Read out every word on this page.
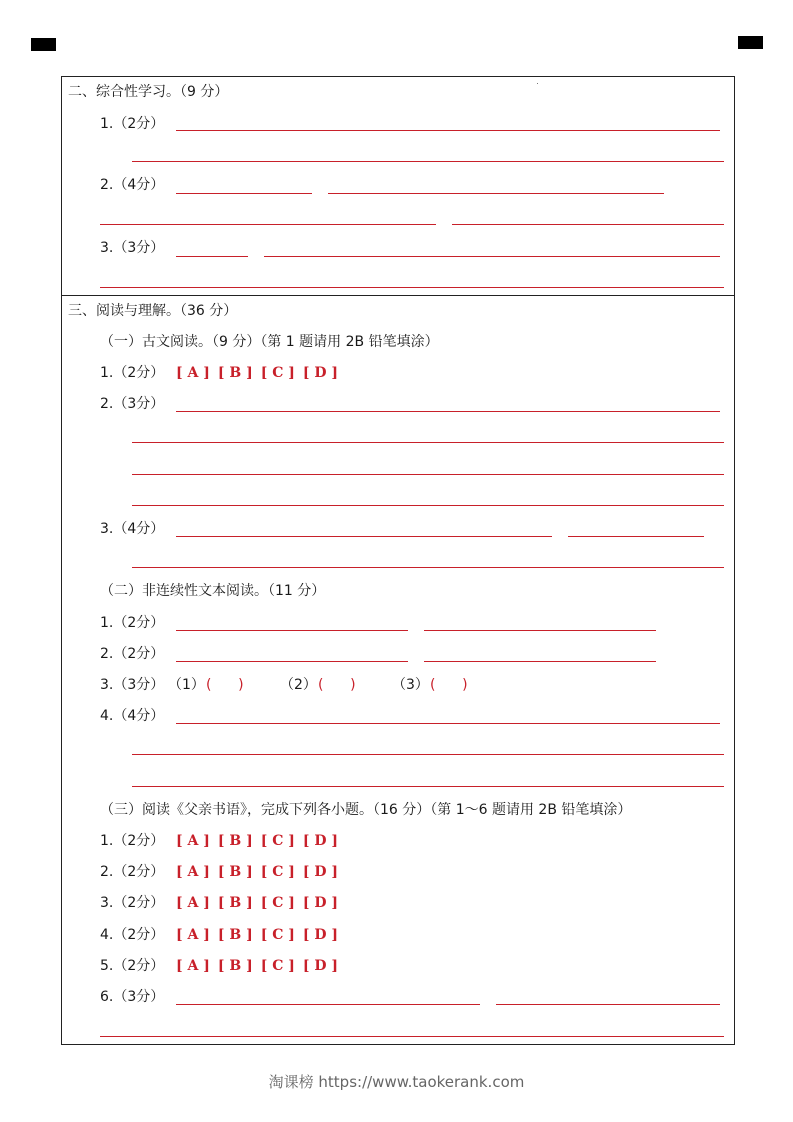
二、综合性学习。（9 分）
1.（2分）
2.（4分）
3.（3分）
三、阅读与理解。（36 分）
（一）古文阅读。（9 分）（第 1 题请用 2B 铅笔填涂）
1.（2分） [ A ] [ B ] [ C ] [ D ]
2.（3分）
3.（4分）
（二）非连续性文本阅读。（11 分）
1.（2分）
2.（2分）
3.（3分） （1） (      )	（2） (      )	（3） (      )
4.（4分）
（三）阅读《父亲书语》，完成下列各小题。（16 分）（第 1～6 题请用 2B 铅笔填涂）
1.（2分） [ A ] [ B ] [ C ] [ D ]
2.（2分） [ A ] [ B ] [ C ] [ D ]
3.（2分） [ A ] [ B ] [ C ] [ D ]
4.（2分） [ A ] [ B ] [ C ] [ D ]
5.（2分） [ A ] [ B ] [ C ] [ D ]
6.（3分）
淘课榜 https://www.taokerank.com
